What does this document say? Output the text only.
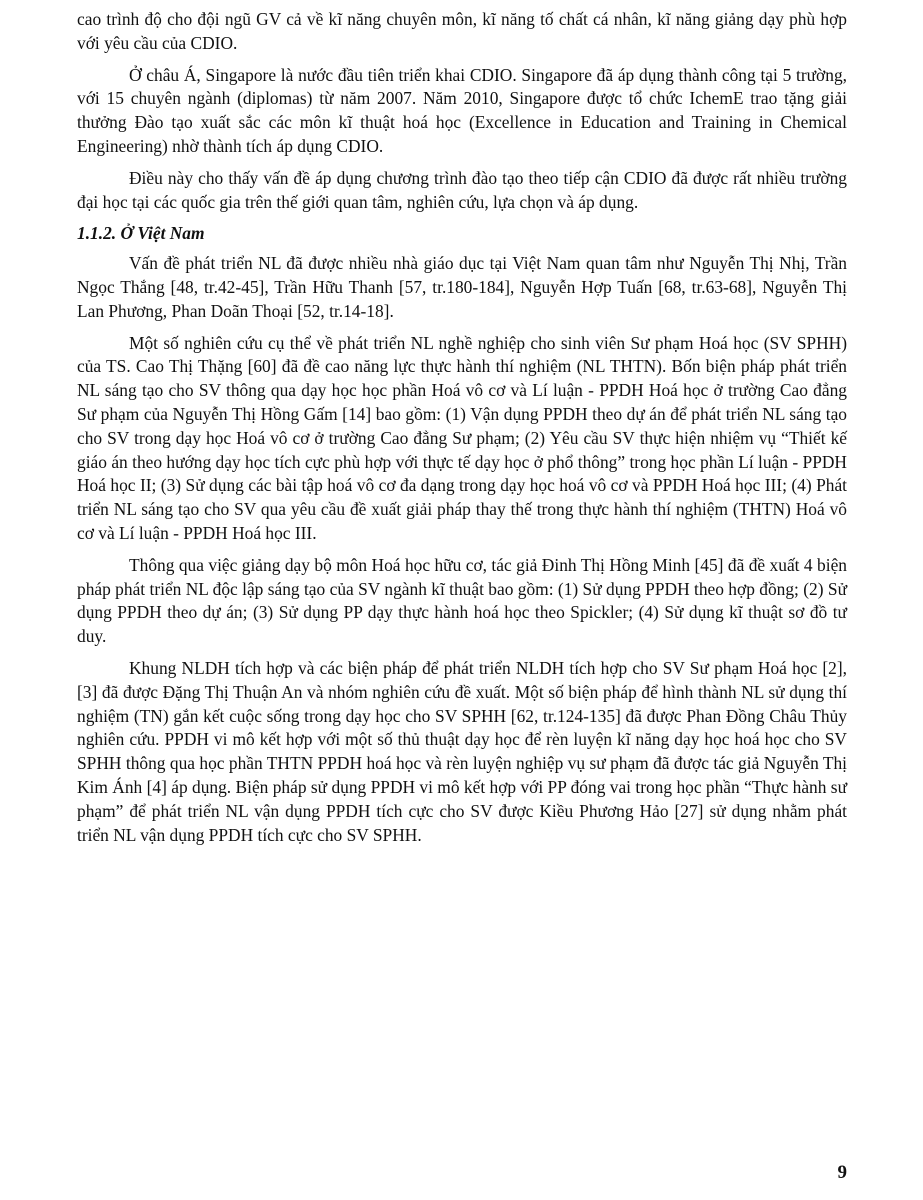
cao trình độ cho đội ngũ GV cả về kĩ năng chuyên môn, kĩ năng tố chất cá nhân, kĩ năng giảng dạy phù hợp với yêu cầu của CDIO.

Ở châu Á, Singapore là nước đầu tiên triển khai CDIO. Singapore đã áp dụng thành công tại 5 trường, với 15 chuyên ngành (diplomas) từ năm 2007. Năm 2010, Singapore được tổ chức IchemE trao tặng giải thưởng Đào tạo xuất sắc các môn kĩ thuật hoá học (Excellence in Education and Training in Chemical Engineering) nhờ thành tích áp dụng CDIO.

Điều này cho thấy vấn đề áp dụng chương trình đào tạo theo tiếp cận CDIO đã được rất nhiều trường đại học tại các quốc gia trên thế giới quan tâm, nghiên cứu, lựa chọn và áp dụng.

1.1.2. Ở Việt Nam

Vấn đề phát triển NL đã được nhiều nhà giáo dục tại Việt Nam quan tâm như Nguyễn Thị Nhị, Trần Ngọc Thắng [48, tr.42-45], Trần Hữu Thanh [57, tr.180-184], Nguyễn Hợp Tuấn [68, tr.63-68], Nguyễn Thị Lan Phương, Phan Doãn Thoại [52, tr.14-18].

Một số nghiên cứu cụ thể về phát triển NL nghề nghiệp cho sinh viên Sư phạm Hoá học (SV SPHH) của TS. Cao Thị Thặng [60] đã đề cao năng lực thực hành thí nghiệm (NL THTN). Bốn biện pháp phát triển NL sáng tạo cho SV thông qua dạy học học phần Hoá vô cơ và Lí luận - PPDH Hoá học ở trường Cao đẳng Sư phạm của Nguyễn Thị Hồng Gấm [14] bao gồm: (1) Vận dụng PPDH theo dự án để phát triển NL sáng tạo cho SV trong dạy học Hoá vô cơ ở trường Cao đẳng Sư phạm; (2) Yêu cầu SV thực hiện nhiệm vụ “Thiết kế giáo án theo hướng dạy học tích cực phù hợp với thực tế dạy học ở phổ thông” trong học phần Lí luận - PPDH Hoá học II; (3) Sử dụng các bài tập hoá vô cơ đa dạng trong dạy học hoá vô cơ và PPDH Hoá học III; (4) Phát triển NL sáng tạo cho SV qua yêu cầu đề xuất giải pháp thay thế trong thực hành thí nghiệm (THTN) Hoá vô cơ và Lí luận - PPDH Hoá học III.

Thông qua việc giảng dạy bộ môn Hoá học hữu cơ, tác giả Đinh Thị Hồng Minh [45] đã đề xuất 4 biện pháp phát triển NL độc lập sáng tạo của SV ngành kĩ thuật bao gồm: (1) Sử dụng PPDH theo hợp đồng; (2) Sử dụng PPDH theo dự án; (3) Sử dụng PP dạy thực hành hoá học theo Spickler; (4) Sử dụng kĩ thuật sơ đồ tư duy.

Khung NLDH tích hợp và các biện pháp để phát triển NLDH tích hợp cho SV Sư phạm Hoá học [2], [3] đã được Đặng Thị Thuận An và nhóm nghiên cứu đề xuất. Một số biện pháp để hình thành NL sử dụng thí nghiệm (TN) gắn kết cuộc sống trong dạy học cho SV SPHH [62, tr.124-135] đã được Phan Đồng Châu Thủy nghiên cứu. PPDH vi mô kết hợp với một số thủ thuật dạy học để rèn luyện kĩ năng dạy học hoá học cho SV SPHH thông qua học phần THTN PPDH hoá học và rèn luyện nghiệp vụ sư phạm đã được tác giả Nguyễn Thị Kim Ánh [4] áp dụng. Biện pháp sử dụng PPDH vi mô kết hợp với PP đóng vai trong học phần “Thực hành sư phạm” để phát triển NL vận dụng PPDH tích cực cho SV được Kiều Phương Hảo [27] sử dụng nhằm phát triển NL vận dụng PPDH tích cực cho SV SPHH.

9
